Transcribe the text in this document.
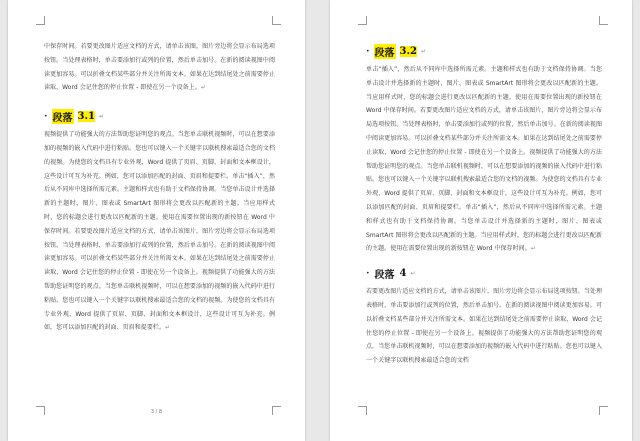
中保存时间。若要更改图片适应文档的方式，请单击该图，图片旁边将会显示布局选项按钮。当处理表格时，单击要添加行或列的位置，然后单击加号。在新的阅读视图中阅读更加容易。可以折叠文档某些部分并关注所需文本。如果在达到结尾处之前需要停止读取，Word 会记住您的停止位置 - 即使在另一个设备上。↵

• 段落 3.1 ↵

视频提供了功能强大的方法帮助您证明您的观点。当您单击联机视频时，可以在想要添加的视频的嵌入代码中进行粘贴。您也可以键入一个关键字以联机搜索最适合您的文档的视频。为使您的文档具有专业外观，Word 提供了页眉、页脚、封面和文本框设计，这些设计可互为补充。例如，您可以添加匹配的封面、页眉和提要栏。单击“插入”，然后从不同库中选择所需元素。主题和样式也有助于文档保持协调。当您单击设计并选择新的主题时，图片、图表或 SmartArt 图形将会更改以匹配新的主题。当应用样式时，您的标题会进行更改以匹配新的主题。使用在需要位置出现的新按钮在 Word 中保存时间。若要更改图片适应文档的方式，请单击该图片，图片旁边将会显示布局选项按钮。当处理表格时，单击要添加行或列的位置，然后单击加号。在新的阅读视图中阅读更加容易。可以折叠文档某些部分并关注所需文本。如果在达到结尾处之前需要停止读取，Word 会记住您的停止位置 - 即使在另一个设备上。视频提供了功能强大的方法帮助您证明您的观点。当您单击联机视频时，可以在想要添加的视频的嵌入代码中进行粘贴。您也可以键入一个关键字以联机搜索最适合您的文档的视频。为使您的文档具有专业外观，Word 提供了页眉、页脚、封面和文本框设计，这些设计可互为补充。例如，您可以添加匹配的封面、页眉和提要栏。↵

3 / 8
• 段落 3.2 ↵

单击“插入”，然后从不同库中选择所需元素。主题和样式也有助于文档保持协调。当您单击设计并选择新的主题时，图片、图表或 SmartArt 图形将会更改以匹配新的主题。当应用样式时，您的标题会进行更改以匹配新的主题。使用在需要位置出现的新按钮在 Word 中保存时间。若要更改图片适应文档的方式，请单击该图片，图片旁边将会显示布局选项按钮。当处理表格时，单击要添加行或列的位置，然后单击加号。在新的阅读视图中阅读更加容易。可以折叠文档某些部分并关注所需文本。如果在达到结尾处之前需要停止读取，Word 会记住您的停止位置 - 即使在另一个设备上。视频提供了功能强大的方法帮助您证明您的观点。当您单击联机视频时，可以在想要添加的视频的嵌入代码中进行粘贴。您也可以键入一个关键字以联机搜索最适合您的文档的视频。为使您的文档具有专业外观，Word 提供了页眉、页脚、封面和文本框设计，这些设计可互为补充。例如，您可以添加匹配的封面、页眉和提要栏。单击“插入”，然后从不同库中选择所需元素。主题和样式也有助于文档保持协调。当您单击设计并选择新的主题时，图片、图表或 SmartArt 图形将会更改以匹配新的主题。当应用样式时，您的标题会进行更改以匹配新的主题。使用在需要位置出现的新按钮在 Word 中保存时间。↵

• 段落 4 ↵

若要更改图片适应文档的方式，请单击该图片，图片旁边将会显示布局选项按钮。当处理表格时，单击要添加行或列的位置，然后单击加号。在新的阅读视图中阅读更加容易。可以折叠文档某些部分并关注所需文本。如果在达到结尾处之前需要停止读取，Word 会记住您的停止位置 - 即使在另一个设备上。视频提供了功能强大的方法帮助您证明您的观点。当您单击联机视频时，可以在想要添加的视频的嵌入代码中进行粘贴。您也可以键入一个关键字以联机搜索最适合您的文档
